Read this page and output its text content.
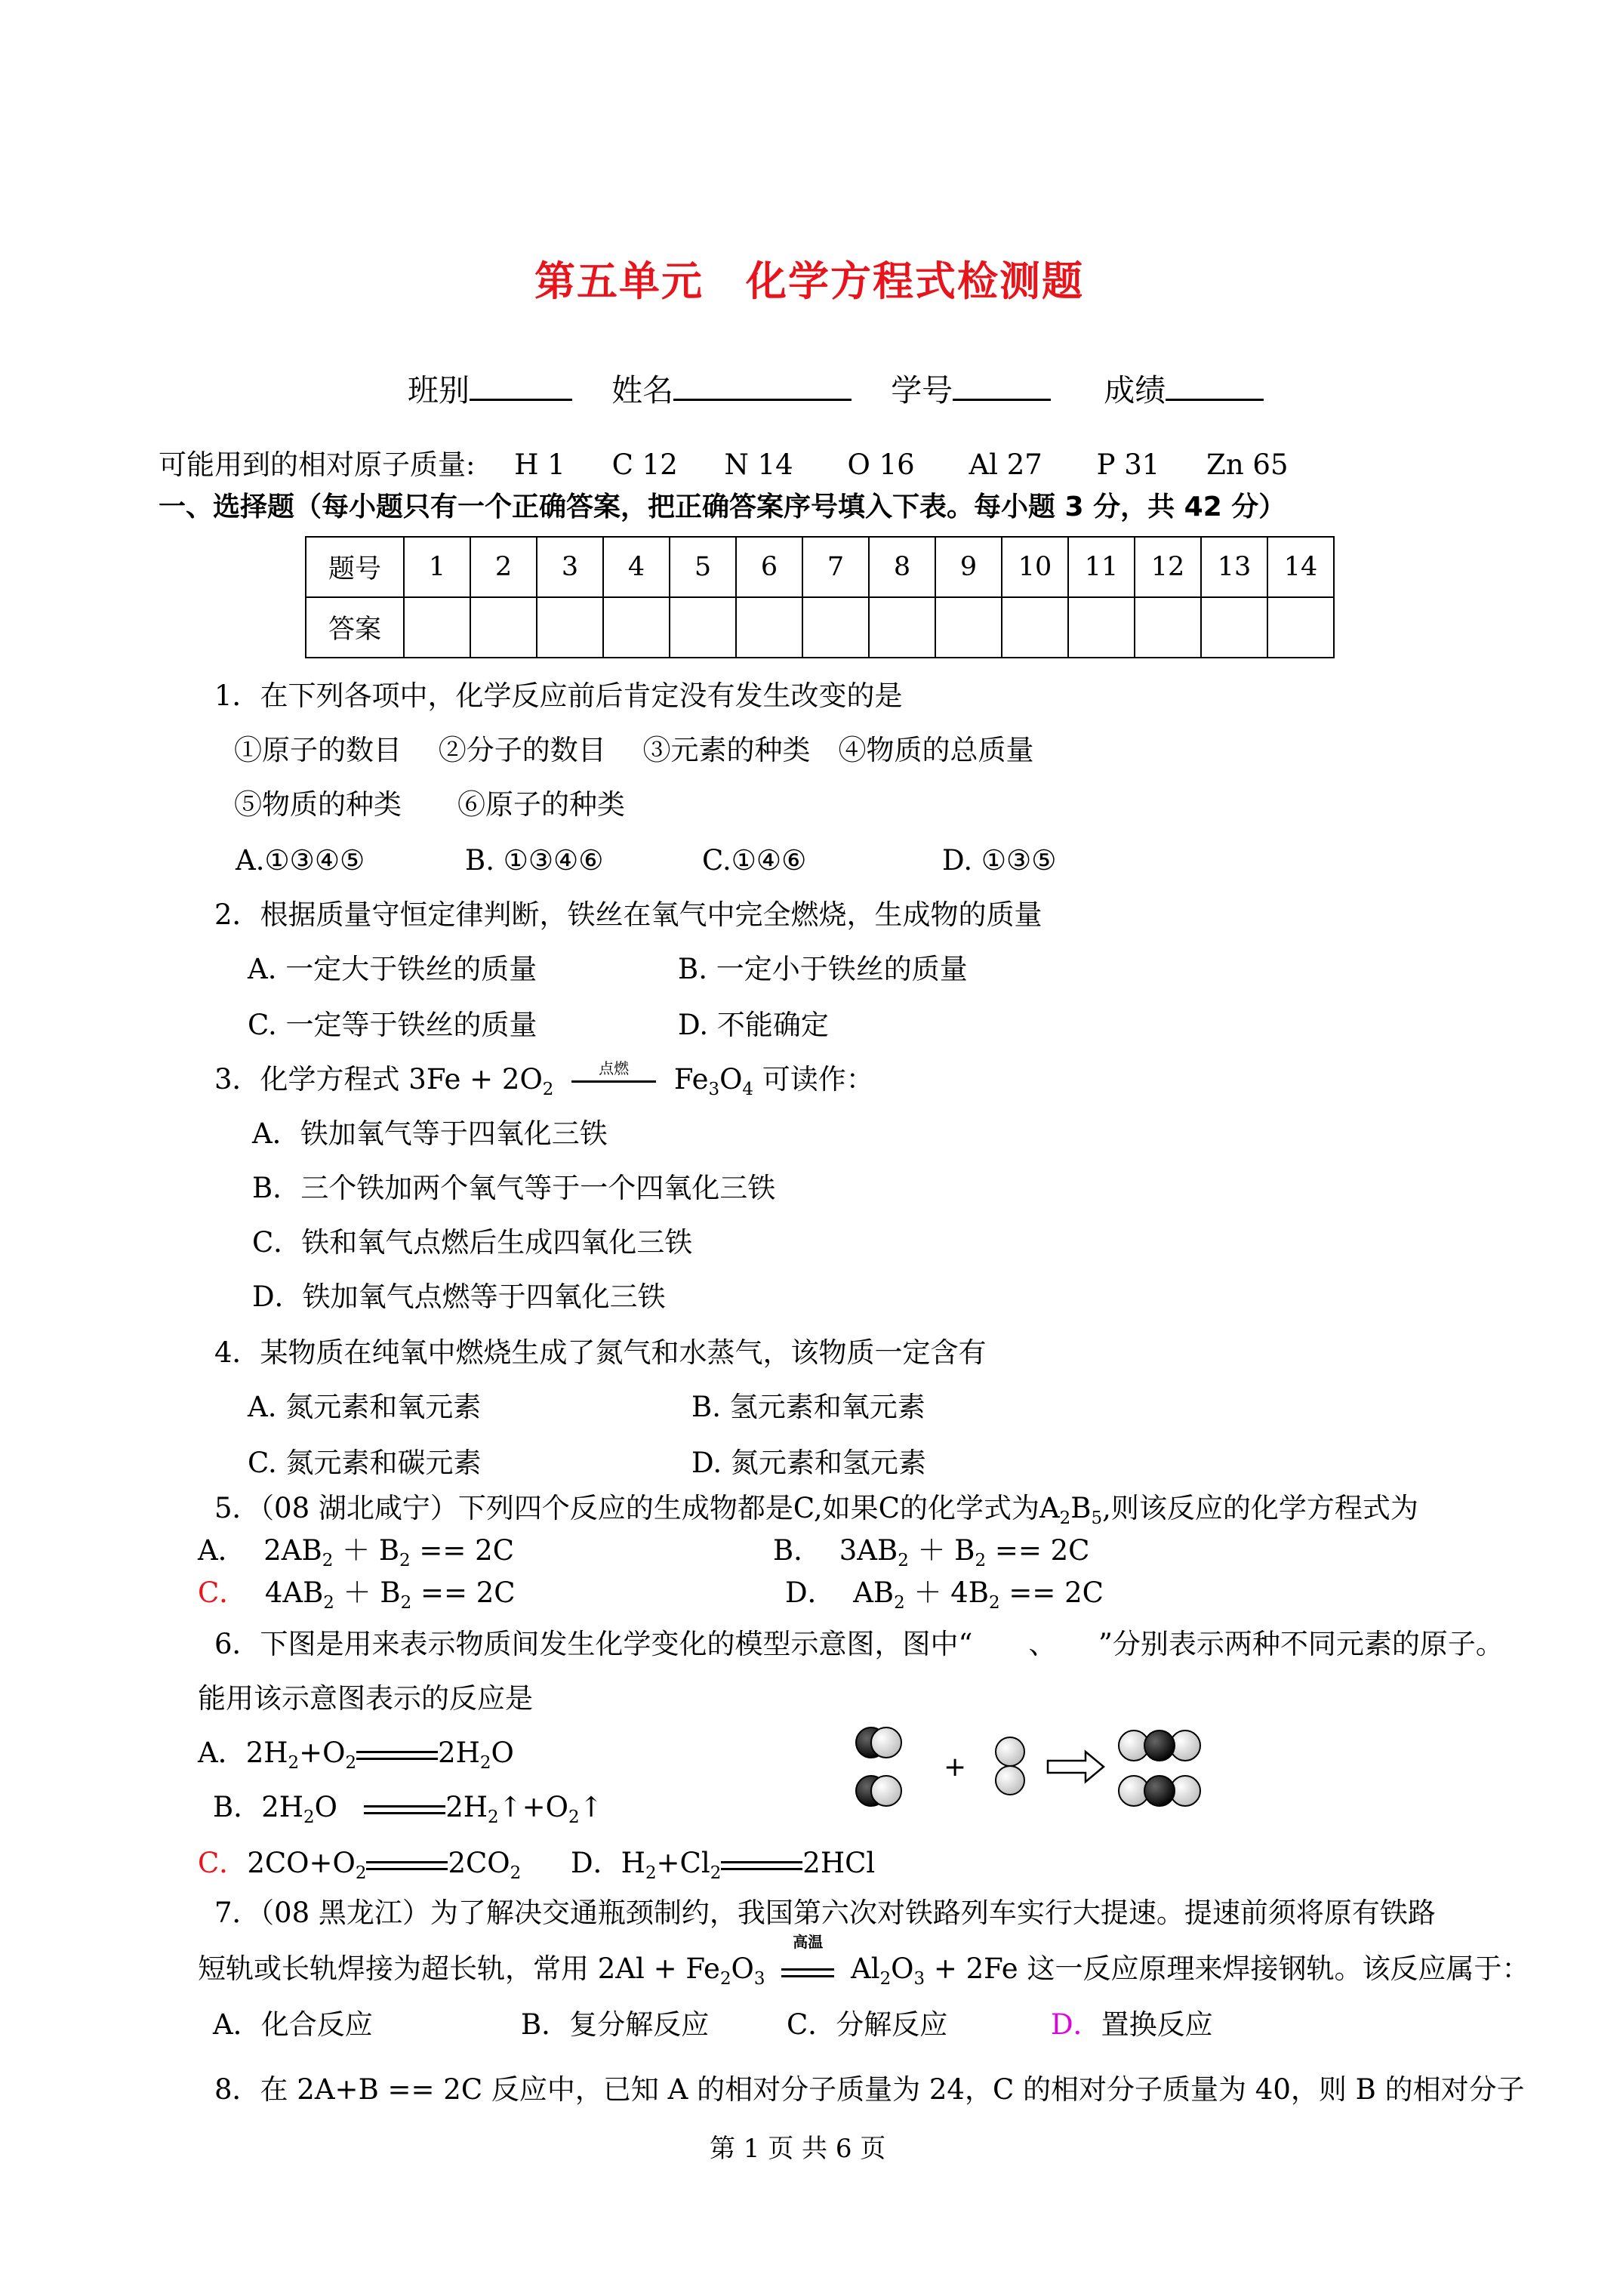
第五单元　化学方程式检测题
班别	姓名	学号	成绩
可能用到的相对原子质量: H 1 C 12 N 14 O 16 Al 27 P 31 Zn 65
一、选择题（每小题只有一个正确答案，把正确答案序号填入下表。每小题 3 分，共 42 分）
题号	1	2	3	4	5	6	7	8	9	10	11	12	13	14
答案														
1．在下列各项中，化学反应前后肯定没有发生改变的是
①原子的数目　 ②分子的数目　 ③元素的种类　④物质的总质量
⑤物质的种类　　⑥原子的种类
A.①③④⑤	B. ①③④⑥	C.①④⑥	D. ①③⑤
2．根据质量守恒定律判断，铁丝在氧气中完全燃烧，生成物的质量
A. 一定大于铁丝的质量	B. 一定小于铁丝的质量
C. 一定等于铁丝的质量	D. 不能确定
3．化学方程式 $3Fe + 2O_2$
点燃	$Fe_3O_4$ 可读作：
A．铁加氧气等于四氧化三铁
B．三个铁加两个氧气等于一个四氧化三铁
C．铁和氧气点燃后生成四氧化三铁
D．铁加氧气点燃等于四氧化三铁
4．某物质在纯氧中燃烧生成了氮气和水蒸气，该物质一定含有
A. 氮元素和氧元素	B. 氢元素和氧元素
C. 氮元素和碳元素	D. 氮元素和氢元素
5．（08 湖北咸宁）下列四个反应的生成物都是C,如果C的化学式为$A_2B_5$,则该反应的化学方程式为
A．  $2AB_2 + B_2 == 2C$	B．  $3AB_2 + B_2 == 2C$
C．  $4AB_2 + B_2 == 2C$	D．  $AB_2 + 4B_2 == 2C$
6．下图是用来表示物质间发生化学变化的模型示意图，图中“　　、　　”分别表示两种不同元素的原子。
能用该示意图表示的反应是
A．$2H_2+O_2$	$2H_2O$
B．$2H_2O$	$2H_2↑+O_2↑$
C．$2CO+O_2$	$2CO_2$ D．$H_2+Cl_2$	2HCl
+
7．（08 黑龙江）为了解决交通瓶颈制约，我国第六次对铁路列车实行大提速。提速前须将原有铁路
短轨或长轨焊接为超长轨，常用 $2Al + Fe_2O_3$
高温
$Al_2O_3 + 2Fe$ 这一反应原理来焊接钢轨。该反应属于：
A．化合反应	B．复分解反应	C．分解反应	D．置换反应
8．在 2A+B == 2C 反应中，已知 A 的相对分子质量为 24，C 的相对分子质量为 40，则 B 的相对分子
第 1 页 共 6 页
